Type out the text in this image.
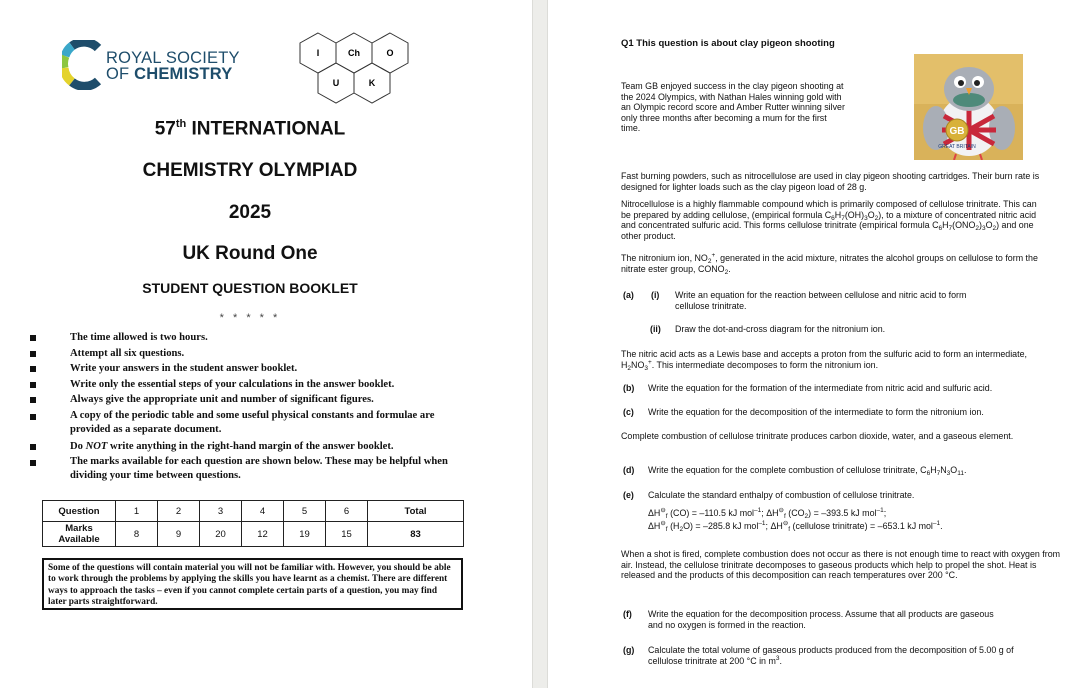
ROYAL SOCIETY
OF CHEMISTRY
I	Ch	O
U	K
57th INTERNATIONAL
CHEMISTRY OLYMPIAD
2025
UK Round One
STUDENT QUESTION BOOKLET
* * * * *
The time allowed is two hours.
Attempt all six questions.
Write your answers in the student answer booklet.
Write only the essential steps of your calculations in the answer booklet.
Always give the appropriate unit and number of significant figures.
A copy of the periodic table and some useful physical constants and formulae are provided as a separate document.
Do NOT write anything in the right-hand margin of the answer booklet.
The marks available for each question are shown below. These may be helpful when dividing your time between questions.
Question	1	2	3	4	5	6	Total
Marks
Available	8	9	20	12	19	15	83
Some of the questions will contain material you will not be familiar with. However, you should be able to work through the problems by applying the skills you have learnt as a chemist. There are different ways to approach the tasks – even if you cannot complete certain parts of a question, you may find later parts straightforward.
Q1 This question is about clay pigeon shooting

Team GB enjoyed success in the clay pigeon shooting at the 2024 Olympics, with Nathan Hales winning gold with an Olympic record score and Amber Rutter winning silver only three months after becoming a mum for the first time.	GB
GREAT BRITAIN

Fast burning powders, such as nitrocellulose are used in clay pigeon shooting cartridges. Their burn rate is designed for lighter loads such as the clay pigeon load of 28 g.

Nitrocellulose is a highly flammable compound which is primarily composed of cellulose trinitrate. This can be prepared by adding cellulose, (empirical formula $C_6H_7(OH)_3O_2$), to a mixture of concentrated nitric acid and concentrated sulfuric acid. This forms cellulose trinitrate (empirical formula $C_6H_7(ONO_2)_3O_2$) and one other product.

The nitronium ion, $NO_2^+$, generated in the acid mixture, nitrates the alcohol groups on cellulose to form the nitrate ester group, $CONO_2$.

(a) (i) Write an equation for the reaction between cellulose and nitric acid to form cellulose trinitrate.

(ii) Draw the dot-and-cross diagram for the nitronium ion.

The nitric acid acts as a Lewis base and accepts a proton from the sulfuric acid to form an intermediate, $H_2NO_3^+$. This intermediate decomposes to form the nitronium ion.

(b) Write the equation for the formation of the intermediate from nitric acid and sulfuric acid.

(c) Write the equation for the decomposition of the intermediate to form the nitronium ion.

Complete combustion of cellulose trinitrate produces carbon dioxide, water, and a gaseous element.

(d) Write the equation for the complete combustion of cellulose trinitrate, $C_6H_7N_3O_{11}$.

(e) Calculate the standard enthalpy of combustion of cellulose trinitrate.

$\Delta H^⊖_f$ (CO) = –110.5 kJ mol$^{-1}$; $\Delta H^⊖_f$ $(CO_2) = -393.5$ kJ mol$^{-1}$;

$\Delta H^⊖_f$ $(H_2O) = -285.8$ kJ mol$^{-1}$; $\Delta H^⊖_f$ (cellulose trinitrate) = –653.1 kJ mol$^{-1}$.

When a shot is fired, complete combustion does not occur as there is not enough time to react with oxygen from air. Instead, the cellulose trinitrate decomposes to gaseous products which help to propel the shot. Heat is released and the products of this decomposition can reach temperatures over 200 °C.

(f) Write the equation for the decomposition process. Assume that all products are gaseous and no oxygen is formed in the reaction.

(g) Calculate the total volume of gaseous products produced from the decomposition of 5.00 g of cellulose trinitrate at 200 °C in $m^3$.
